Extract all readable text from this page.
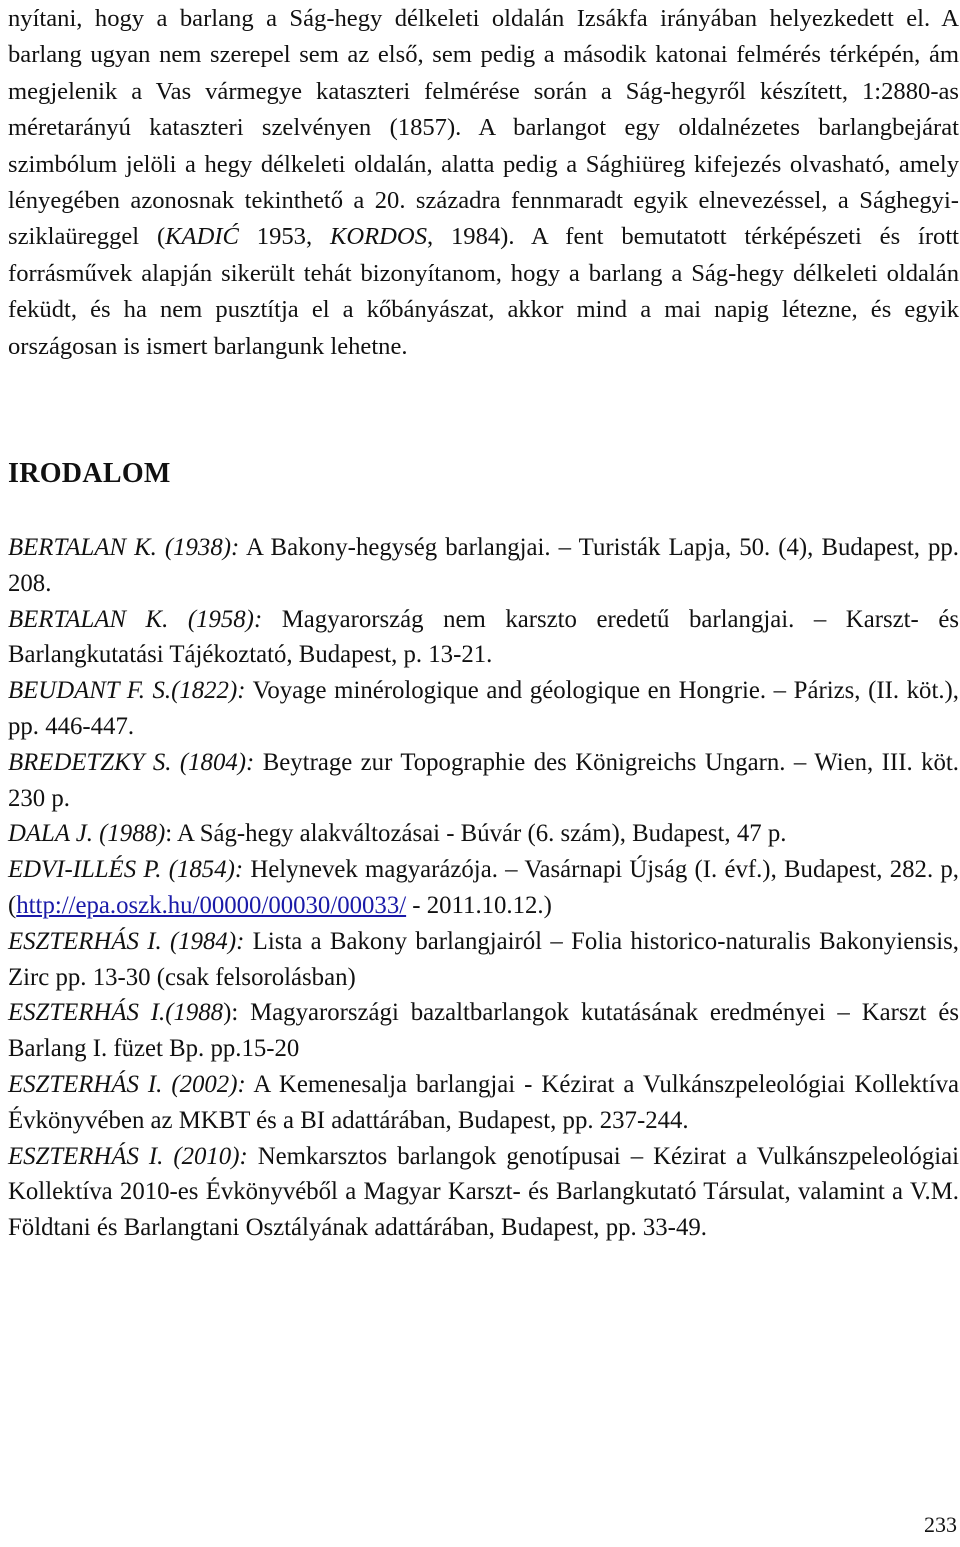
nyítani, hogy a barlang a Ság-hegy délkeleti oldalán Izsákfa irányában helyezkedett el. A barlang ugyan nem szerepel sem az első, sem pedig a második katonai felmérés térképén, ám megjelenik a Vas vármegye kataszteri felmérése során a Ság-hegyről készített, 1:2880-as méretarányú kataszteri szelvényen (1857). A barlangot egy oldalnézetes barlangbejárat szimbólum jelöli a hegy délkeleti oldalán, alatta pedig a Sághiüreg kifejezés olvasható, amely lényegében azonosnak tekinthető a 20. századra fennmaradt egyik elnevezéssel, a Sághegyi-sziklaüreggel (KADIĆ 1953, KORDOS, 1984). A fent bemutatott térképészeti és írott forrásművek alapján sikerült tehát bizonyítanom, hogy a barlang a Ság-hegy délkeleti oldalán feküdt, és ha nem pusztítja el a kőbányászat, akkor mind a mai napig létezne, és egyik országosan is ismert barlangunk lehetne.

IRODALOM

BERTALAN K. (1938): A Bakony-hegység barlangjai. – Turisták Lapja, 50. (4), Budapest, pp. 208.

BERTALAN K. (1958): Magyarország nem karszto eredetű barlangjai. – Karszt- és Barlangkutatási Tájékoztató, Budapest, p. 13-21.

BEUDANT F. S.(1822): Voyage minérologique and géologique en Hongrie. – Párizs, (II. köt.), pp. 446-447.

BREDETZKY S. (1804): Beytrage zur Topographie des Königreichs Ungarn. – Wien, III. köt. 230 p.

DALA J. (1988): A Ság-hegy alakváltozásai - Búvár (6. szám), Budapest, 47 p.

EDVI-ILLÉS P. (1854): Helynevek magyarázója. – Vasárnapi Újság (I. évf.), Budapest, 282. p, (http://epa.oszk.hu/00000/00030/00033/ - 2011.10.12.)

ESZTERHÁS I. (1984): Lista a Bakony barlangjairól – Folia historico-naturalis Bakonyiensis, Zirc pp. 13-30 (csak felsorolásban)

ESZTERHÁS I.(1988): Magyarországi bazaltbarlangok kutatásának eredményei – Karszt és Barlang I. füzet Bp. pp.15-20

ESZTERHÁS I. (2002): A Kemenesalja barlangjai - Kézirat a Vulkánszpeleológiai Kollektíva Évkönyvében az MKBT és a BI adattárában, Budapest, pp. 237-244.

ESZTERHÁS I. (2010): Nemkarsztos barlangok genotípusai – Kézirat a Vulkánszpeleológiai Kollektíva 2010-es Évkönyvéből a Magyar Karszt- és Barlangkutató Társulat, valamint a V.M. Földtani és Barlangtani Osztályának adattárában, Budapest, pp. 33-49.

233
